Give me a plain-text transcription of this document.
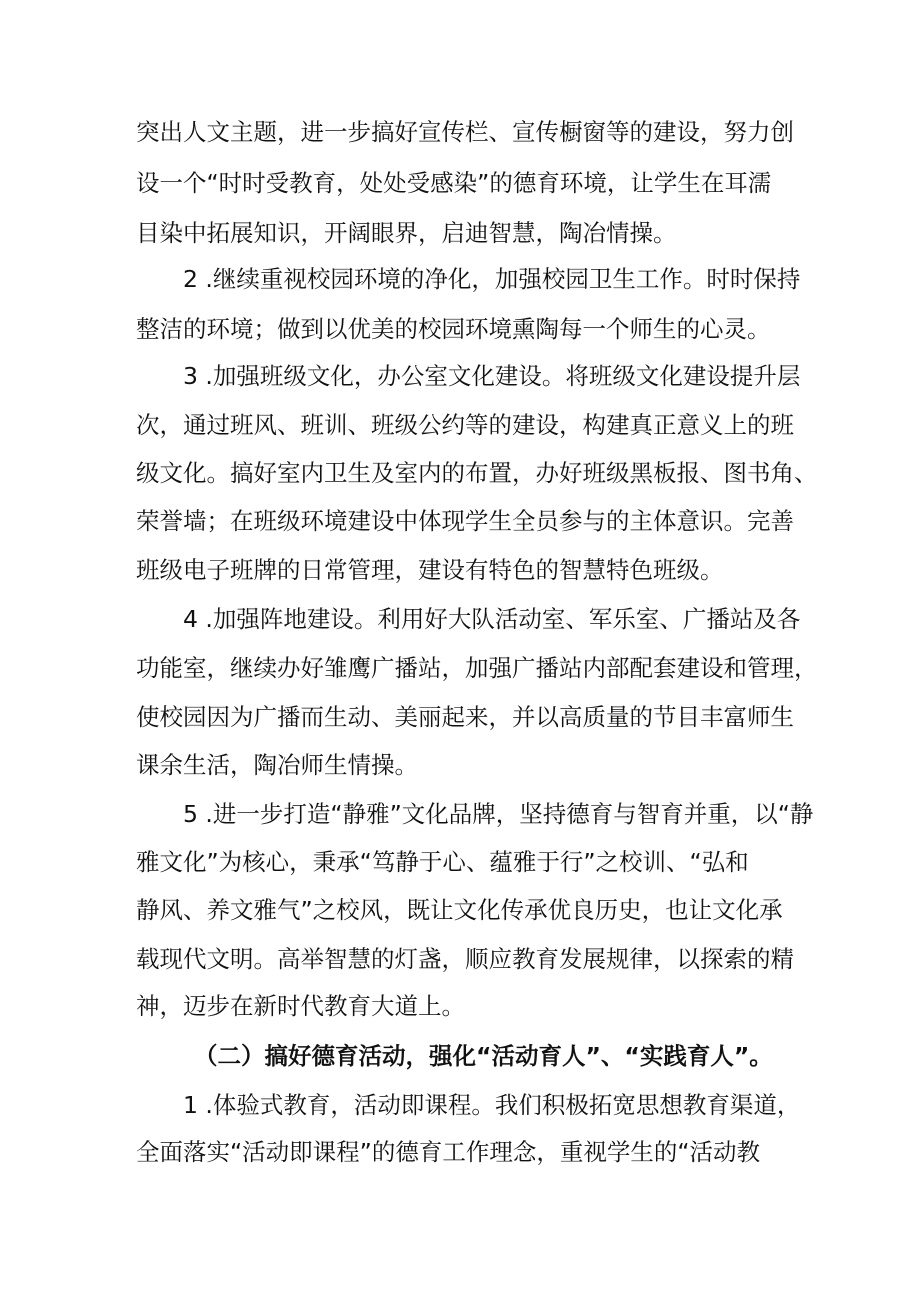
突出人文主题，进一步搞好宣传栏、宣传橱窗等的建设，努力创
设一个“时时受教育，处处受感染”的德育环境，让学生在耳濡
目染中拓展知识，开阔眼界，启迪智慧，陶冶情操。
2 .继续重视校园环境的净化，加强校园卫生工作。时时保持
整洁的环境；做到以优美的校园环境熏陶每一个师生的心灵。
3 .加强班级文化，办公室文化建设。将班级文化建设提升层
次，通过班风、班训、班级公约等的建设，构建真正意义上的班
级文化。搞好室内卫生及室内的布置，办好班级黑板报、图书角、
荣誉墙；在班级环境建设中体现学生全员参与的主体意识。完善
班级电子班牌的日常管理，建设有特色的智慧特色班级。
4 .加强阵地建设。利用好大队活动室、军乐室、广播站及各
功能室，继续办好雏鹰广播站，加强广播站内部配套建设和管理，
使校园因为广播而生动、美丽起来，并以高质量的节目丰富师生
课余生活，陶冶师生情操。
5 .进一步打造“静雅”文化品牌，坚持德育与智育并重，以“静
雅文化”为核心，秉承“笃静于心、蕴雅于行”之校训、“弘和
静风、养文雅气”之校风，既让文化传承优良历史，也让文化承
载现代文明。高举智慧的灯盏，顺应教育发展规律，以探索的精
神，迈步在新时代教育大道上。
（二）搞好德育活动，强化“活动育人”、“实践育人”。
1 .体验式教育，活动即课程。我们积极拓宽思想教育渠道，
全面落实“活动即课程”的德育工作理念，重视学生的“活动教
